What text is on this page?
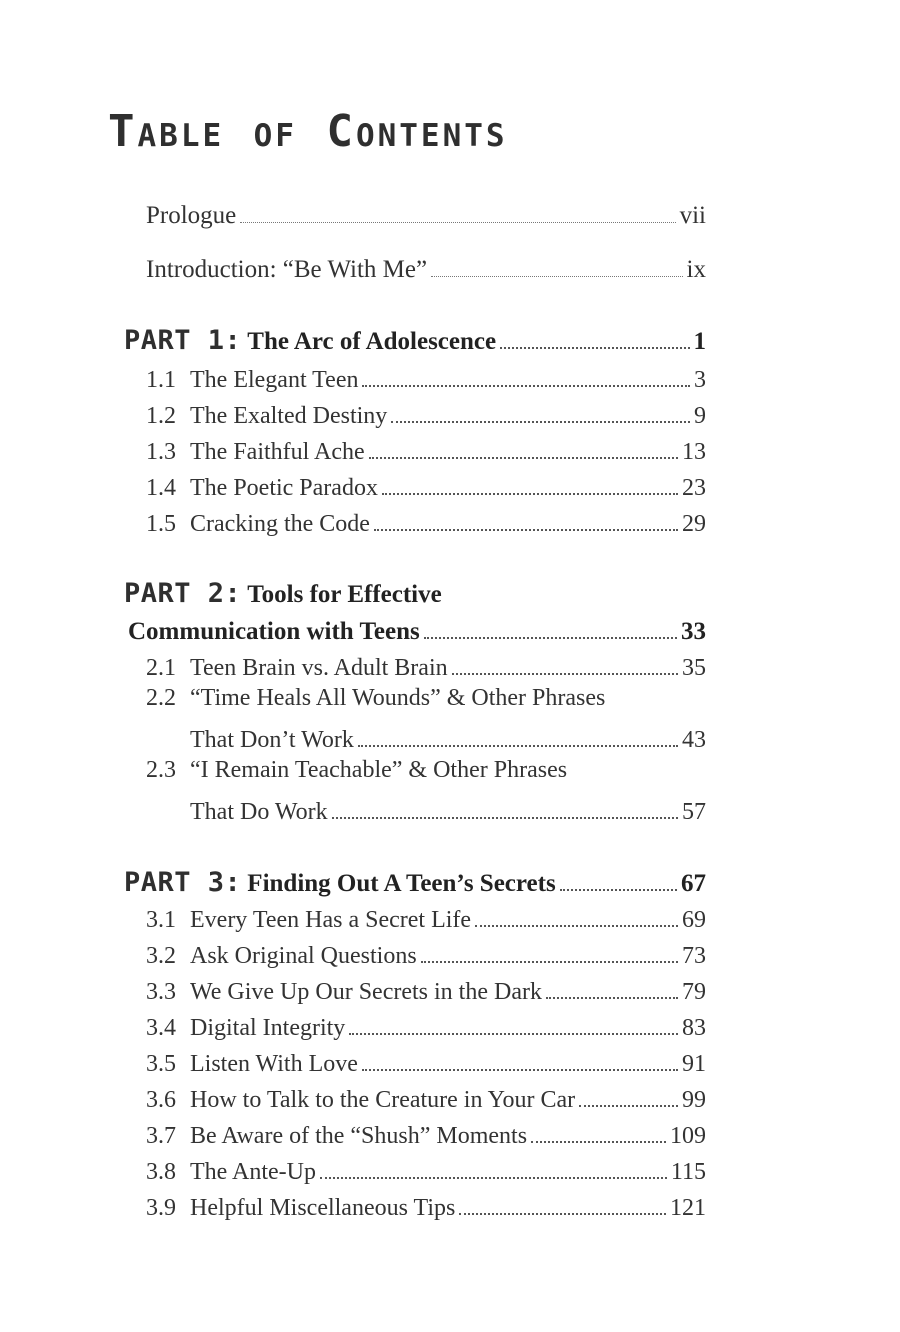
Table of Contents
Prologue	vii
Introduction: “Be With Me”	ix
PART 1: The Arc of Adolescence	1
1.1 The Elegant Teen	3
1.2 The Exalted Destiny	9
1.3 The Faithful Ache	13
1.4 The Poetic Paradox	23
1.5 Cracking the Code	29
PART 2: Tools for Effective
Communication with Teens	33
2.1 Teen Brain vs. Adult Brain	35
2.2 “Time Heals All Wounds” & Other Phrases
That Don’t Work	43
2.3 “I Remain Teachable” & Other Phrases
That Do Work	57
PART 3: Finding Out A Teen’s Secrets	67
3.1 Every Teen Has a Secret Life	69
3.2 Ask Original Questions	73
3.3 We Give Up Our Secrets in the Dark	79
3.4 Digital Integrity	83
3.5 Listen With Love	91
3.6 How to Talk to the Creature in Your Car	99
3.7 Be Aware of the “Shush” Moments	109
3.8 The Ante-Up	115
3.9 Helpful Miscellaneous Tips	121
